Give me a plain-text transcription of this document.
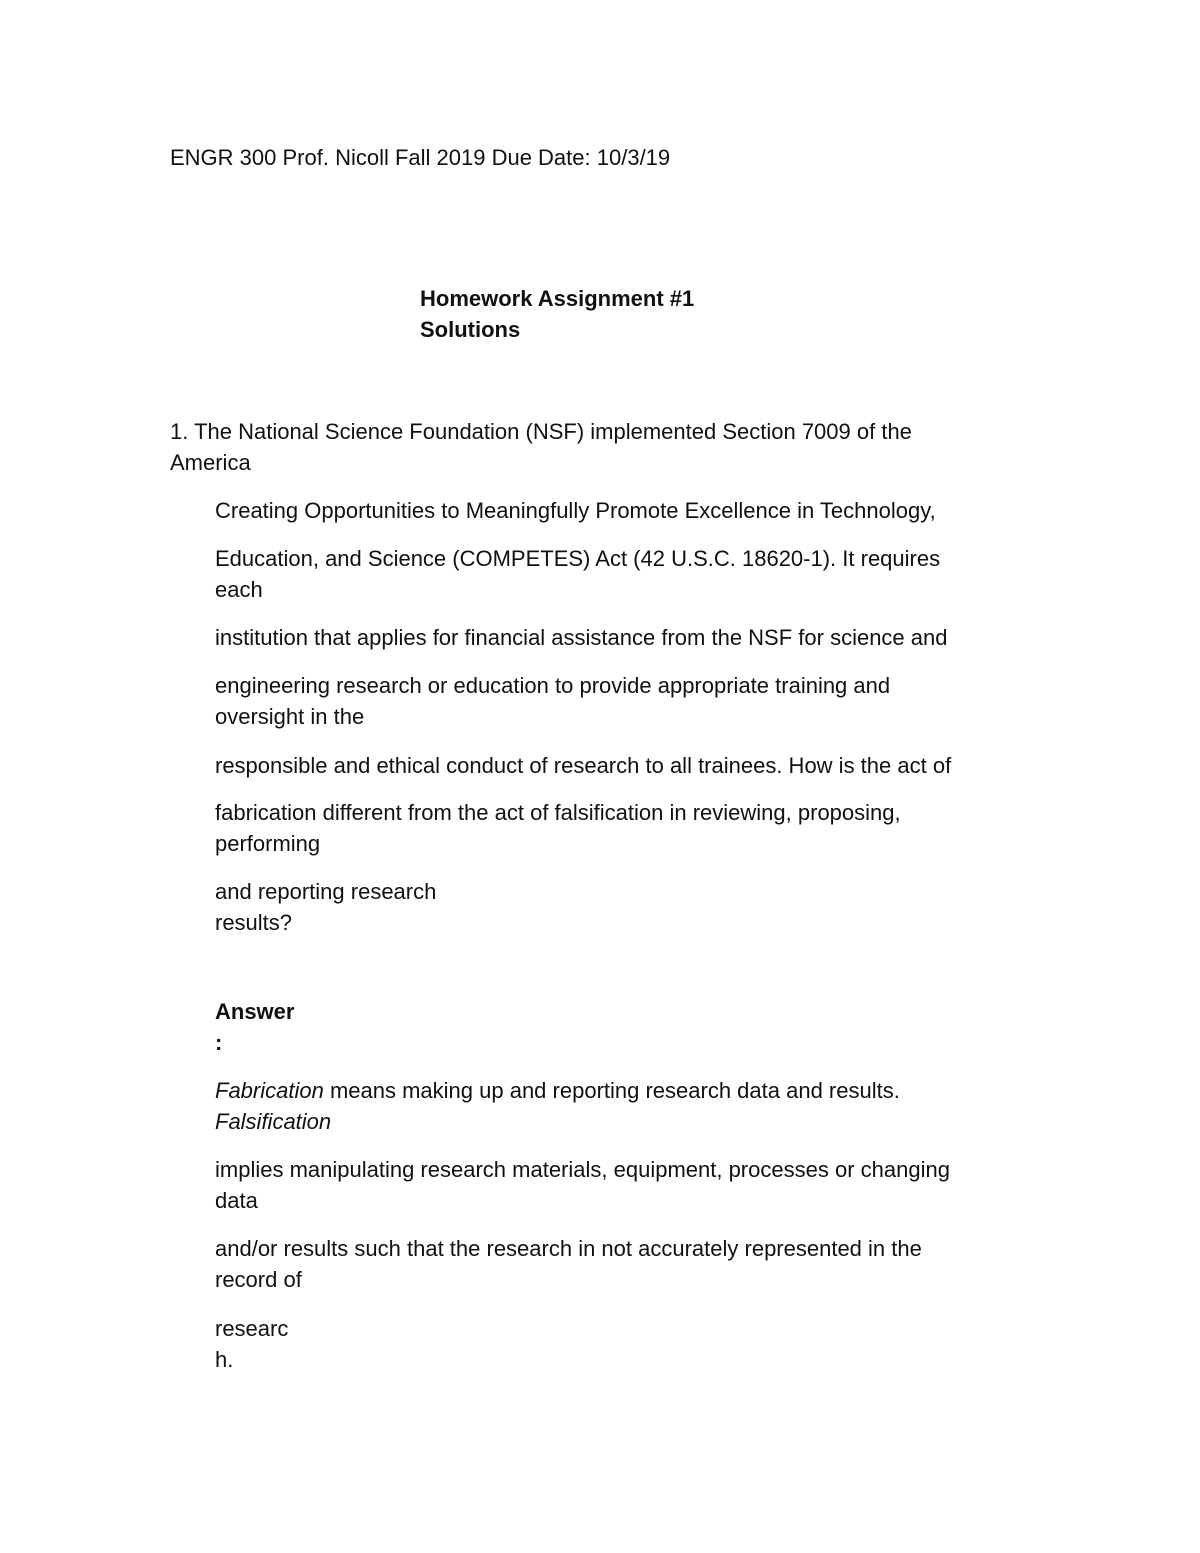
ENGR 300 Prof. Nicoll Fall 2019 Due Date: 10/3/19

Homework Assignment #1

Solutions

1. The National Science Foundation (NSF) implemented Section 7009 of the

America

Creating Opportunities to Meaningfully Promote Excellence in Technology,

Education, and Science (COMPETES) Act (42 U.S.C. 18620-1). It requires

each

institution that applies for financial assistance from the NSF for science and

engineering research or education to provide appropriate training and

oversight in the

responsible and ethical conduct of research to all trainees. How is the act of

fabrication different from the act of falsification in reviewing, proposing,

performing

and reporting research

results?

Answer

:

Fabrication means making up and reporting research data and results.

Falsification

implies manipulating research materials, equipment, processes or changing

data

and/or results such that the research in not accurately represented in the

record of

researc

h.
